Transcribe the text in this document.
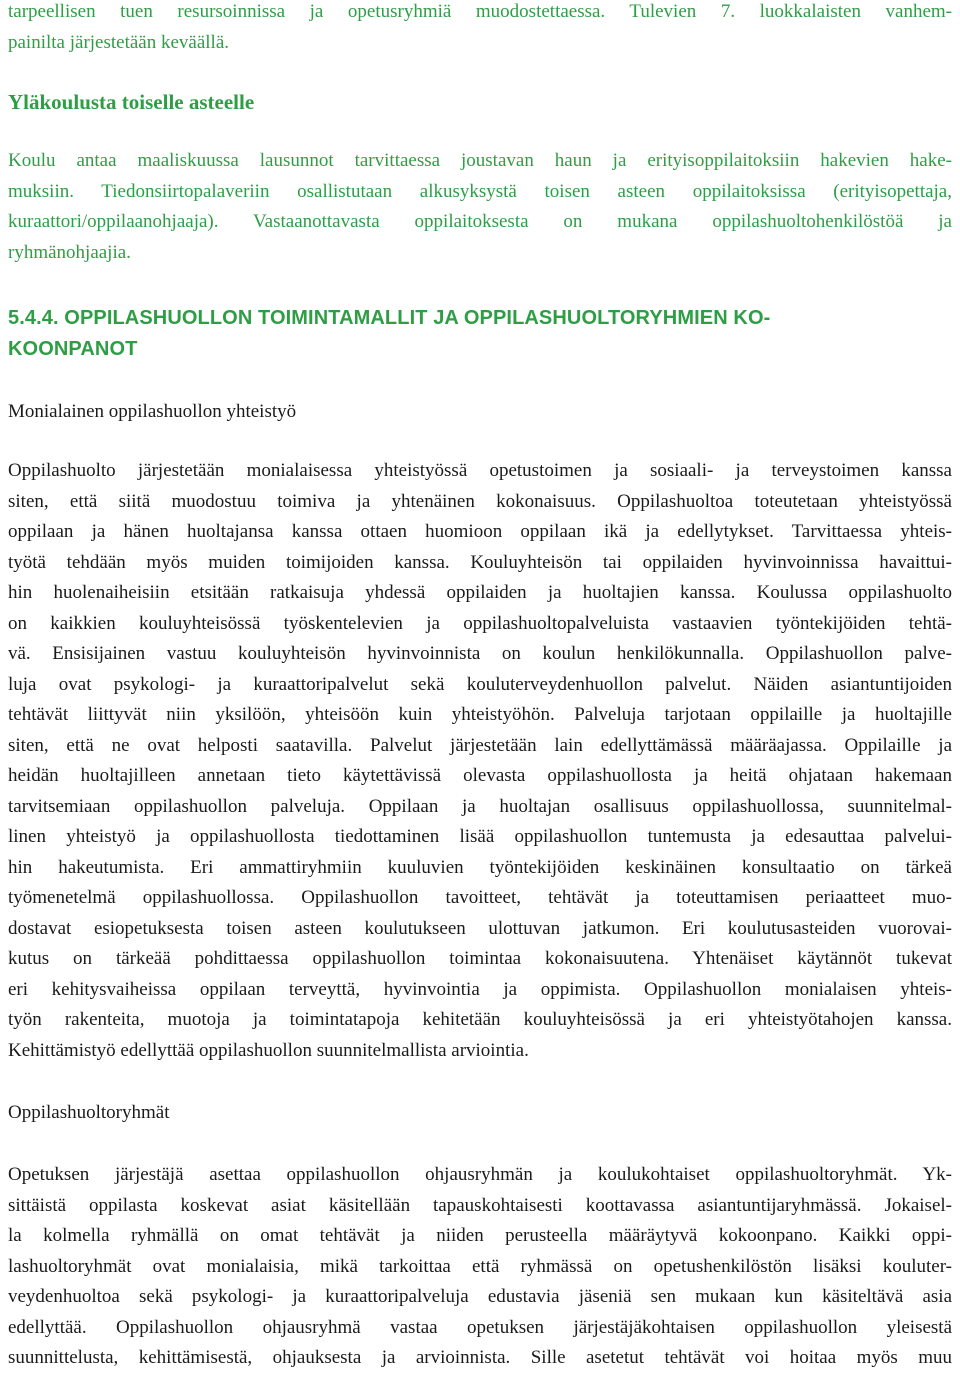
tarpeellisen tuen resursoinnissa ja opetusryhmiä muodostettaessa. Tulevien 7. luokkalaisten vanhem-
painilta järjestetään keväällä.
Yläkoulusta toiselle asteelle
Koulu antaa maaliskuussa lausunnot tarvittaessa joustavan haun ja erityisoppilaitoksiin hakevien hake-
muksiin. Tiedonsiirtopalaveriin osallistutaan alkusyksystä toisen asteen oppilaitoksissa (erityisopettaja,
kuraattori/oppilaanohjaaja). Vastaanottavasta oppilaitoksesta on mukana oppilashuoltohenkilöstöä ja
ryhmänohjaajia.
5.4.4. OPPILASHUOLLON TOIMINTAMALLIT JA OPPILASHUOLTORYHMIEN KO-
KOONPANOT
Monialainen oppilashuollon yhteistyö
Oppilashuolto järjestetään monialaisessa yhteistyössä opetustoimen ja sosiaali- ja terveystoimen kanssa
siten, että siitä muodostuu toimiva ja yhtenäinen kokonaisuus. Oppilashuoltoa toteutetaan yhteistyössä
oppilaan ja hänen huoltajansa kanssa ottaen huomioon oppilaan ikä ja edellytykset. Tarvittaessa yhteis-
työtä tehdään myös muiden toimijoiden kanssa. Kouluyhteisön tai oppilaiden hyvinvoinnissa havaittui-
hin huolenaiheisiin etsitään ratkaisuja yhdessä oppilaiden ja huoltajien kanssa. Koulussa oppilashuolto
on kaikkien kouluyhteisössä työskentelevien ja oppilashuoltopalveluista vastaavien työntekijöiden tehtä-
vä. Ensisijainen vastuu kouluyhteisön hyvinvoinnista on koulun henkilökunnalla. Oppilashuollon palve-
luja ovat psykologi- ja kuraattoripalvelut sekä kouluterveydenhuollon palvelut. Näiden asiantuntijoiden
tehtävät liittyvät niin yksilöön, yhteisöön kuin yhteistyöhön. Palveluja tarjotaan oppilaille ja huoltajille
siten, että ne ovat helposti saatavilla. Palvelut järjestetään lain edellyttämässä määräajassa. Oppilaille ja
heidän huoltajilleen annetaan tieto käytettävissä olevasta oppilashuollosta ja heitä ohjataan hakemaan
tarvitsemiaan oppilashuollon palveluja. Oppilaan ja huoltajan osallisuus oppilashuollossa, suunnitelmal-
linen yhteistyö ja oppilashuollosta tiedottaminen lisää oppilashuollon tuntemusta ja edesauttaa palvelui-
hin hakeutumista. Eri ammattiryhmiin kuuluvien työntekijöiden keskinäinen konsultaatio on tärkeä
työmenetelmä oppilashuollossa. Oppilashuollon tavoitteet, tehtävät ja toteuttamisen periaatteet muo-
dostavat esiopetuksesta toisen asteen koulutukseen ulottuvan jatkumon. Eri koulutusasteiden vuorovai-
kutus on tärkeää pohdittaessa oppilashuollon toimintaa kokonaisuutena. Yhtenäiset käytännöt tukevat
eri kehitysvaiheissa oppilaan terveyttä, hyvinvointia ja oppimista. Oppilashuollon monialaisen yhteis-
työn rakenteita, muotoja ja toimintatapoja kehitetään kouluyhteisössä ja eri yhteistyötahojen kanssa.
Kehittämistyö edellyttää oppilashuollon suunnitelmallista arviointia.
Oppilashuoltoryhmät
Opetuksen järjestäjä asettaa oppilashuollon ohjausryhmän ja koulukohtaiset oppilashuoltoryhmät. Yk-
sittäistä oppilasta koskevat asiat käsitellään tapauskohtaisesti koottavassa asiantuntijaryhmässä. Jokaisel-
la kolmella ryhmällä on omat tehtävät ja niiden perusteella määräytyvä kokoonpano. Kaikki oppi-
lashuoltoryhmät ovat monialaisia, mikä tarkoittaa että ryhmässä on opetushenkilöstön lisäksi kouluter-
veydenhuoltoa sekä psykologi- ja kuraattoripalveluja edustavia jäseniä sen mukaan kun käsiteltävä asia
edellyttää. Oppilashuollon ohjausryhmä vastaa opetuksen järjestäjäkohtaisen oppilashuollon yleisestä
suunnittelusta, kehittämisestä, ohjauksesta ja arvioinnista. Sille asetetut tehtävät voi hoitaa myös muu
